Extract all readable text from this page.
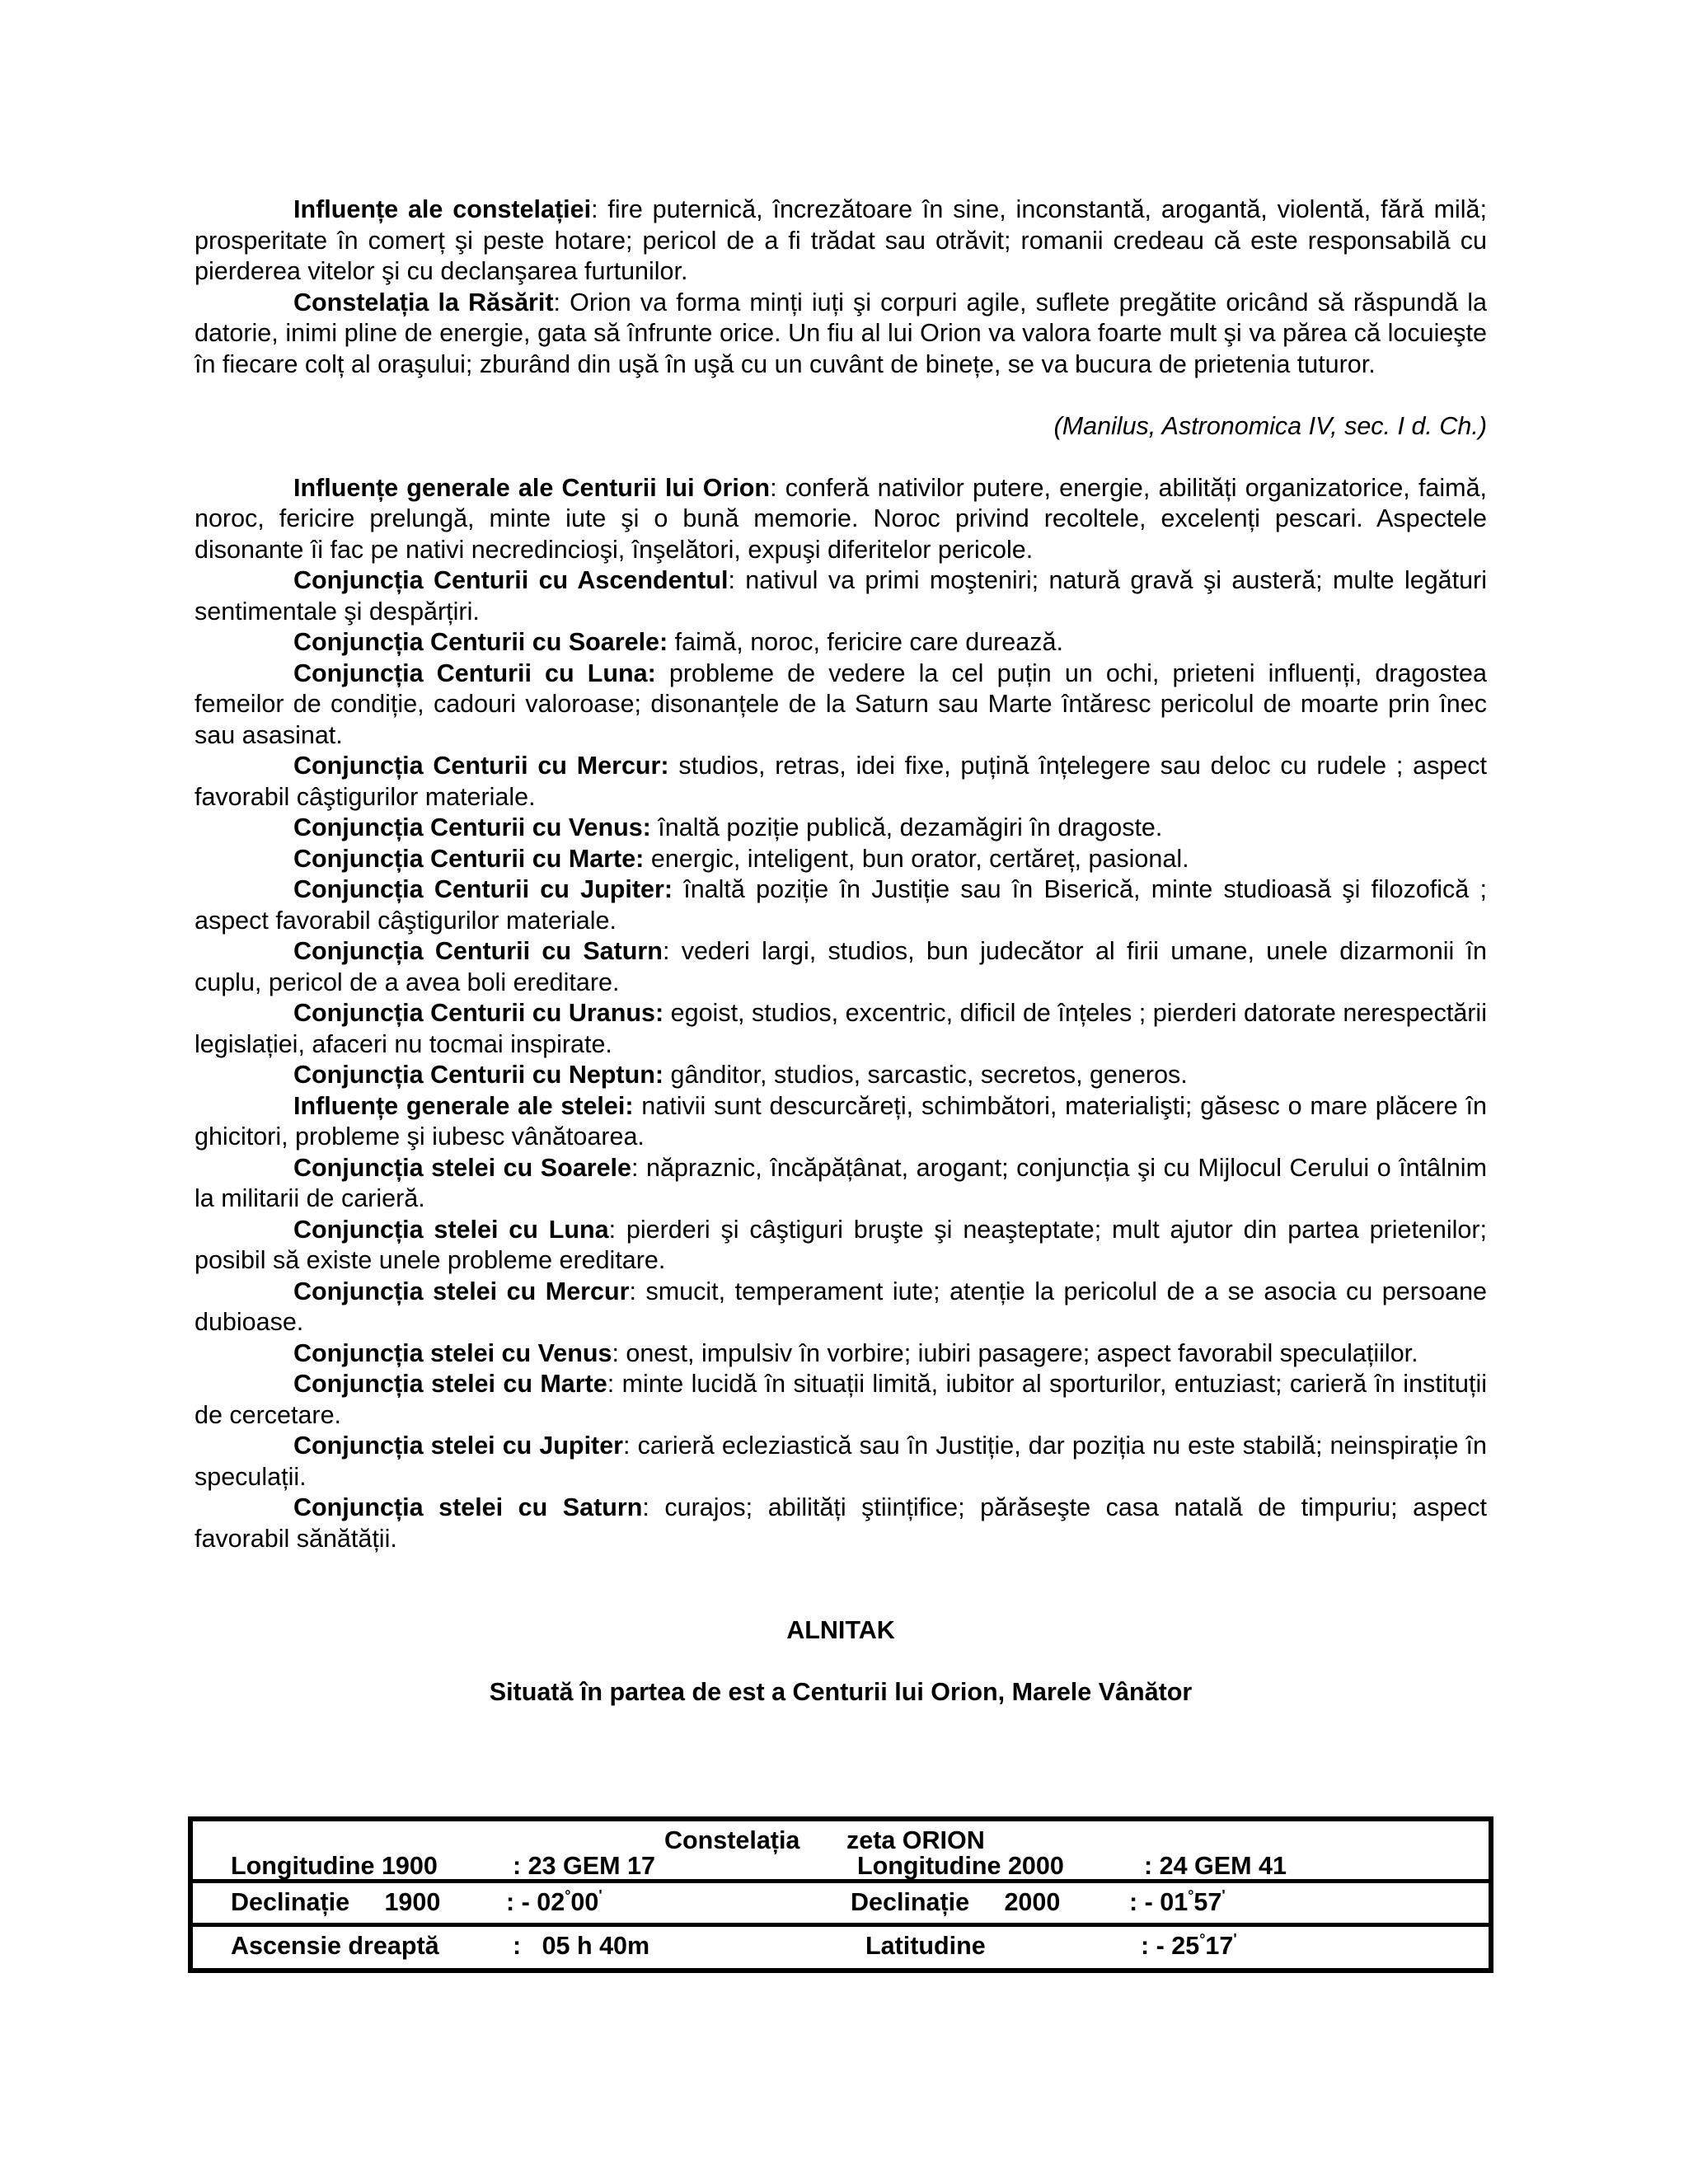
Influențe ale constelației: fire puternică, încrezătoare în sine, inconstantă, arogantă, violentă, fără milă; prosperitate în comerț şi peste hotare; pericol de a fi trădat sau otrăvit; romanii credeau că este responsabilă cu pierderea vitelor şi cu declanşarea furtunilor.

Constelația la Răsărit: Orion va forma minți iuți şi corpuri agile, suflete pregătite oricând să răspundă la datorie, inimi pline de energie, gata să înfrunte orice. Un fiu al lui Orion va valora foarte mult şi va părea că locuieşte în fiecare colț al oraşului; zburând din uşă în uşă cu un cuvânt de binețe, se va bucura de prietenia tuturor.

(Manilus, Astronomica IV, sec. I d. Ch.)

Influențe generale ale Centurii lui Orion: conferă nativilor putere, energie, abilități organizatorice, faimă, noroc, fericire prelungă, minte iute şi o bună memorie. Noroc privind recoltele, excelenți pescari. Aspectele disonante îi fac pe nativi necredincioşi, înşelători, expuşi diferitelor pericole.

Conjuncția Centurii cu Ascendentul: nativul va primi moşteniri; natură gravă şi austeră; multe legături sentimentale şi despărțiri.

Conjuncția Centurii cu Soarele: faimă, noroc, fericire care durează.

Conjuncția Centurii cu Luna: probleme de vedere la cel puțin un ochi, prieteni influenți, dragostea femeilor de condiție, cadouri valoroase; disonanțele de la Saturn sau Marte întăresc pericolul de moarte prin înec sau asasinat.

Conjuncția Centurii cu Mercur: studios, retras, idei fixe, puțină înțelegere sau deloc cu rudele ; aspect favorabil câştigurilor materiale.

Conjuncția Centurii cu Venus: înaltă poziție publică, dezamăgiri în dragoste.

Conjuncția Centurii cu Marte: energic, inteligent, bun orator, certăreț, pasional.

Conjuncția Centurii cu Jupiter: înaltă poziție în Justiție sau în Biserică, minte studioasă şi filozofică ; aspect favorabil câştigurilor materiale.

Conjuncția Centurii cu Saturn: vederi largi, studios, bun judecător al firii umane, unele dizarmonii în cuplu, pericol de a avea boli ereditare.

Conjuncția Centurii cu Uranus: egoist, studios, excentric, dificil de înțeles ; pierderi datorate nerespectării legislației, afaceri nu tocmai inspirate.

Conjuncția Centurii cu Neptun: gânditor, studios, sarcastic, secretos, generos.

Influențe generale ale stelei: nativii sunt descurcăreți, schimbători, materialişti; găsesc o mare plăcere în ghicitori, probleme şi iubesc vânătoarea.

Conjuncția stelei cu Soarele: năpraznic, încăpățânat, arogant; conjuncția şi cu Mijlocul Cerului o întâlnim la militarii de carieră.

Conjuncția stelei cu Luna: pierderi şi câştiguri bruşte şi neaşteptate; mult ajutor din partea prietenilor; posibil să existe unele probleme ereditare.

Conjuncția stelei cu Mercur: smucit, temperament iute; atenție la pericolul de a se asocia cu persoane dubioase.

Conjuncția stelei cu Venus: onest, impulsiv în vorbire; iubiri pasagere; aspect favorabil speculațiilor.

Conjuncția stelei cu Marte: minte lucidă în situații limită, iubitor al sporturilor, entuziast; carieră în instituții de cercetare.

Conjuncția stelei cu Jupiter: carieră ecleziastică sau în Justiție, dar poziția nu este stabilă; neinspirație în speculații.

Conjuncția stelei cu Saturn: curajos; abilități ştiințifice; părăseşte casa natală de timpuriu; aspect favorabil sănătății.

ALNITAK
Situată în partea de est a Centurii lui Orion, Marele Vânător
Constelația zeta ORION
Longitudine 1900	: 23 GEM 17	Longitudine 2000	: 24 GEM 41
Declinație     1900	: - 02°00'	Declinație     2000	: - 01°57'
Ascensie dreaptă	:   05 h 40m	Latitudine	: - 25°17'
